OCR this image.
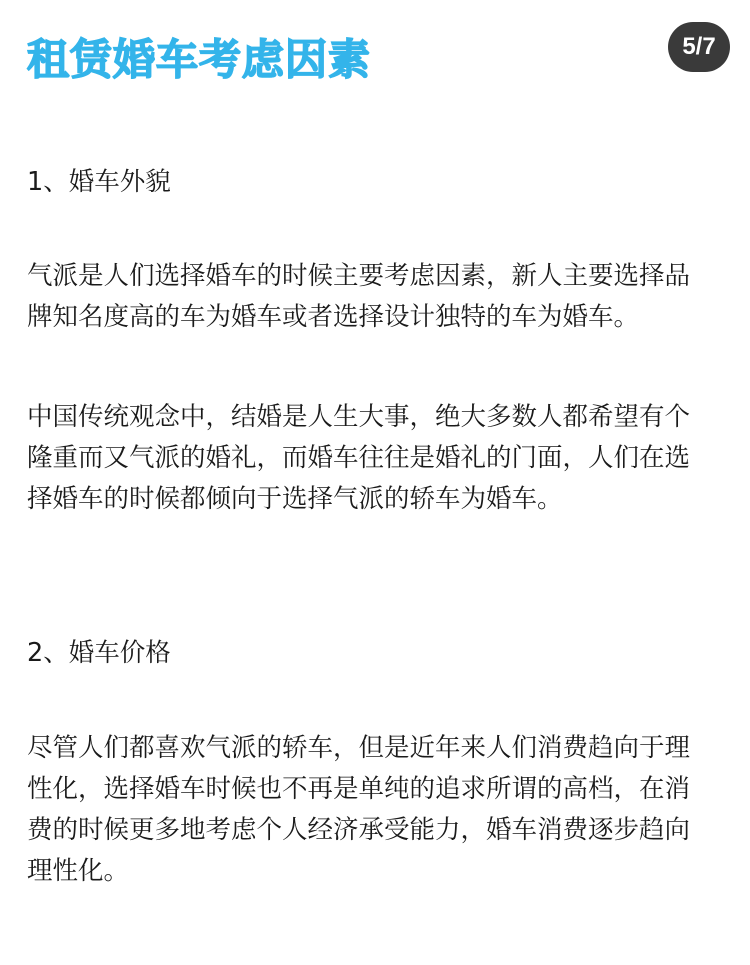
租赁婚车考虑因素	5/7
1、婚车外貌
气派是人们选择婚车的时候主要考虑因素，新人主要选择品
牌知名度高的车为婚车或者选择设计独特的车为婚车。
中国传统观念中，结婚是人生大事，绝大多数人都希望有个
隆重而又气派的婚礼，而婚车往往是婚礼的门面，人们在选
择婚车的时候都倾向于选择气派的轿车为婚车。
2、婚车价格
尽管人们都喜欢气派的轿车，但是近年来人们消费趋向于理
性化，选择婚车时候也不再是单纯的追求所谓的高档，在消
费的时候更多地考虑个人经济承受能力，婚车消费逐步趋向
理性化。
